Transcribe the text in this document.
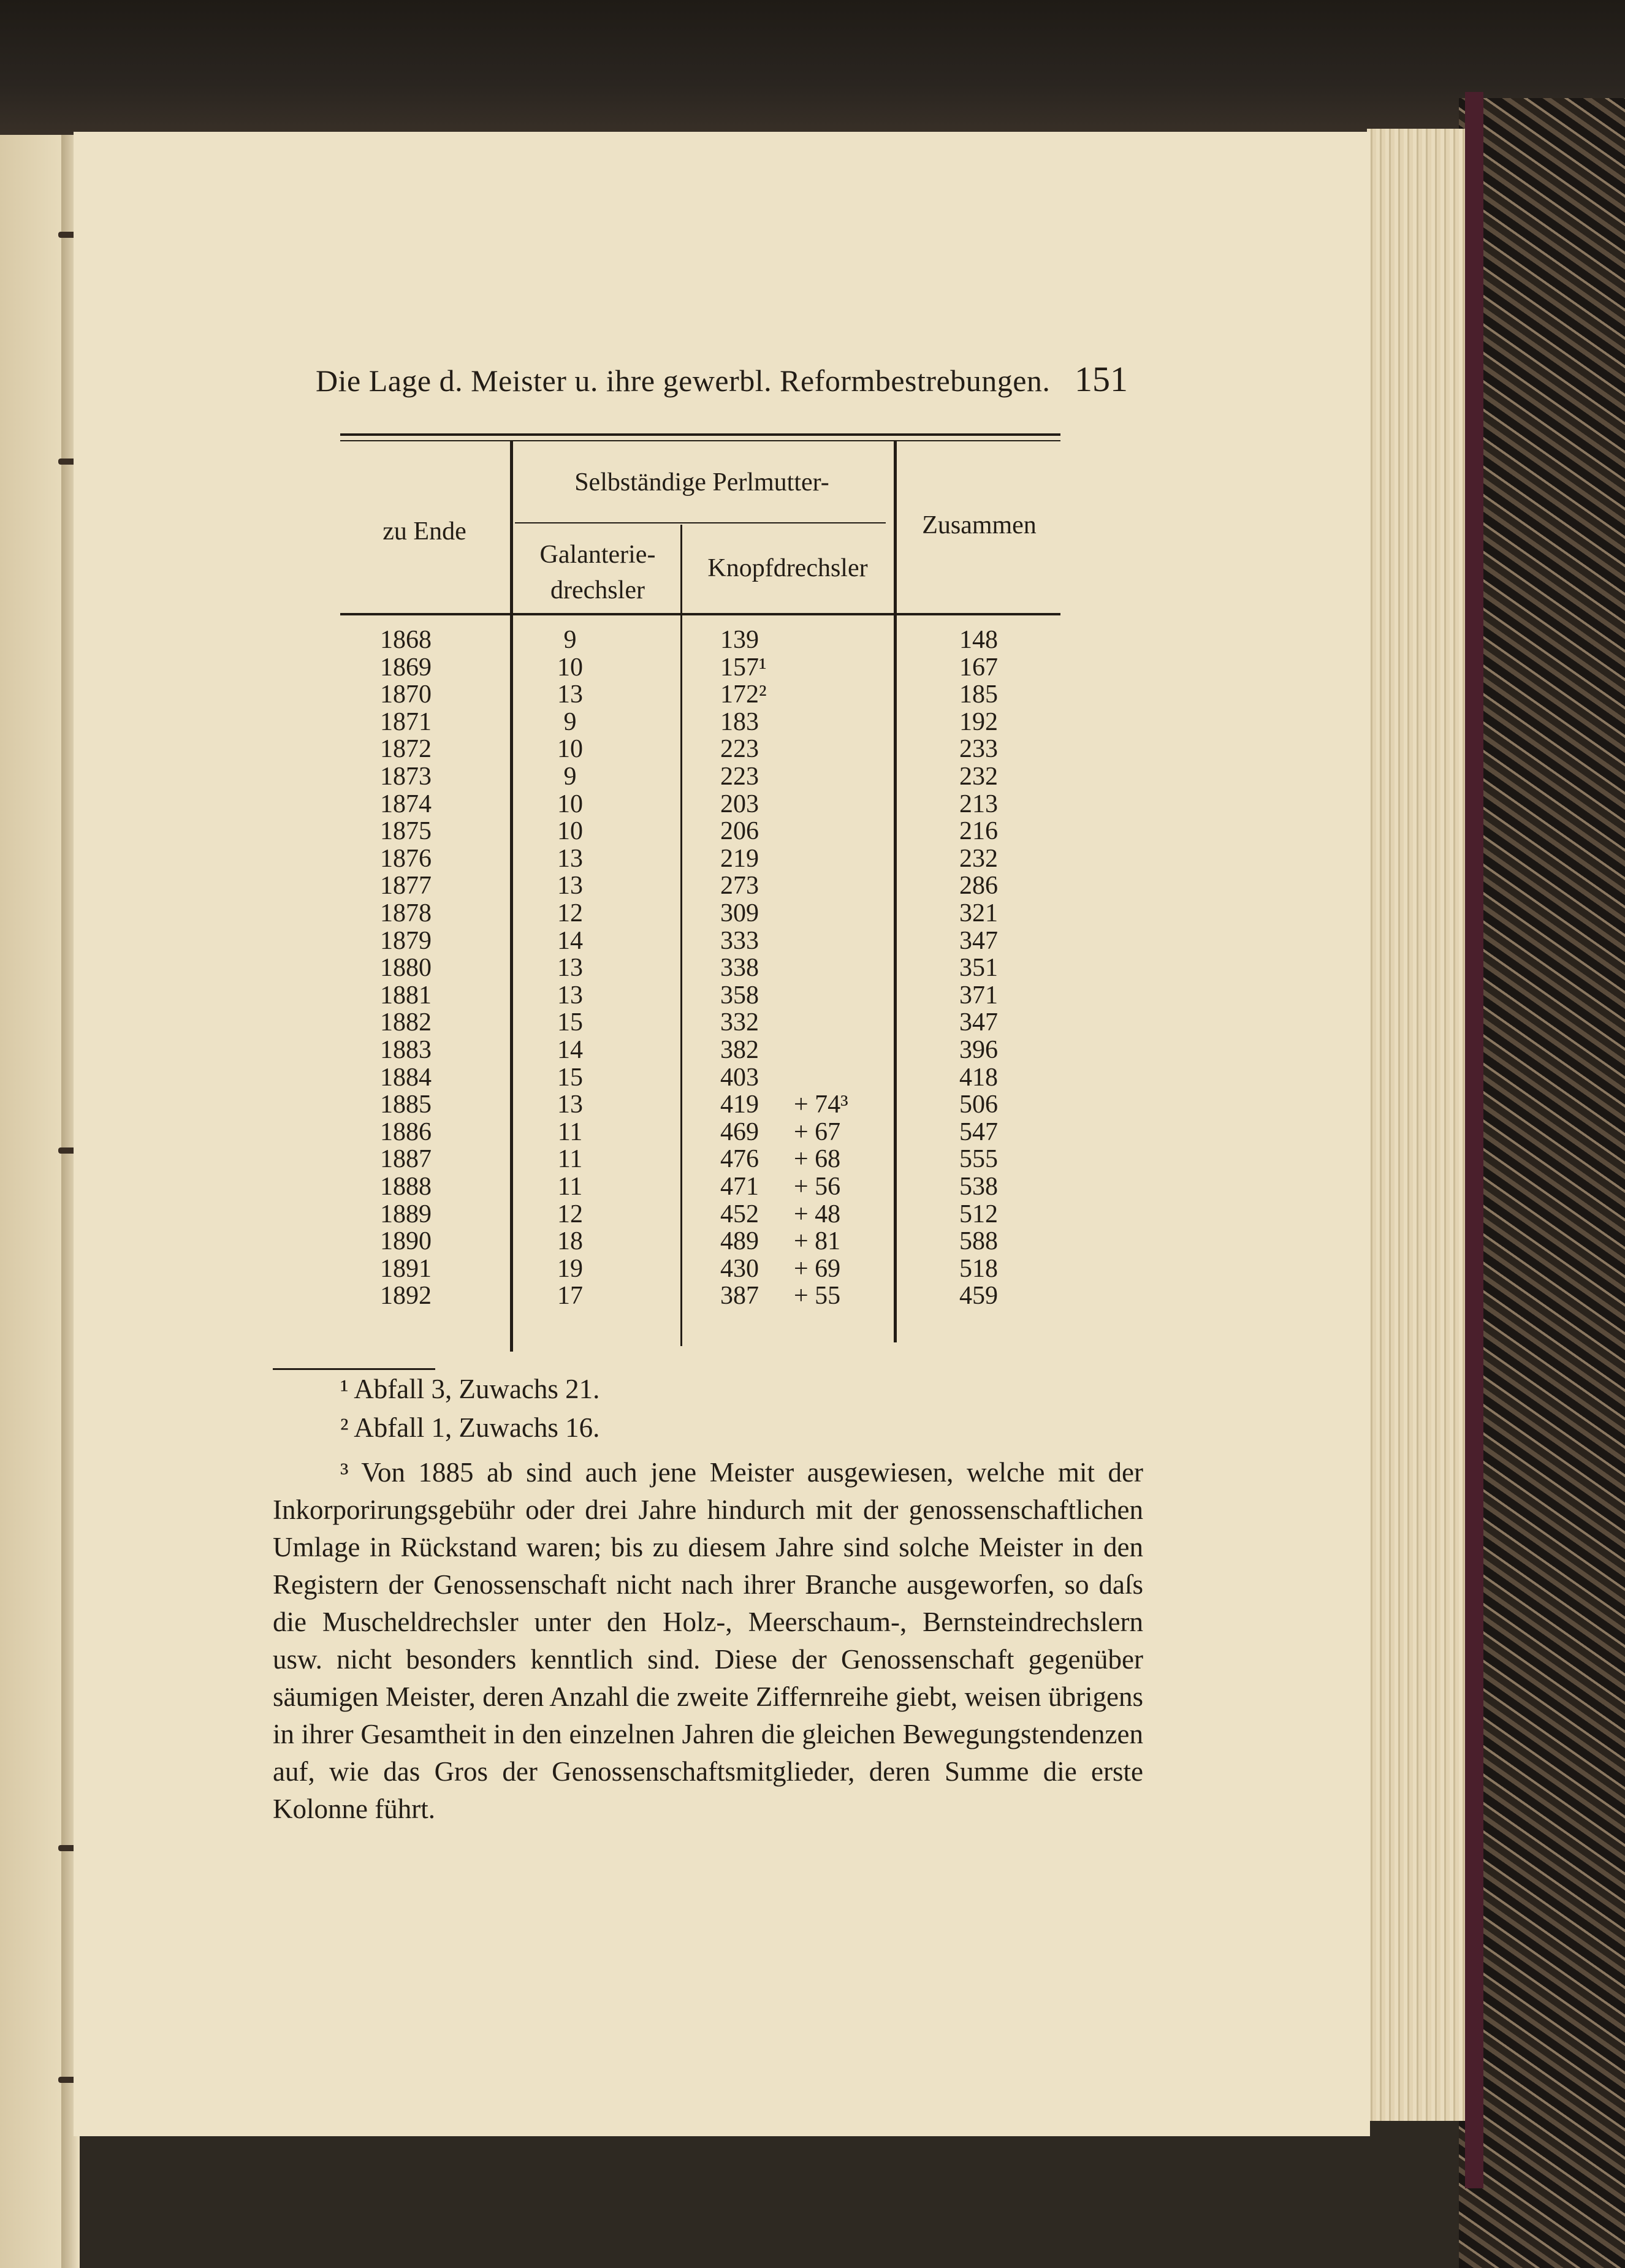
Die Lage d. Meister u. ihre gewerbl. Reformbestrebungen. 151
zu Ende
Selbständige Perlmutter-
Galanterie-
drechsler
Knopfdrechsler
Zusammen
1868	9	139	148
1869	10	157¹	167
1870	13	172²	185
1871	9	183	192
1872	10	223	233
1873	9	223	232
1874	10	203	213
1875	10	206	216
1876	13	219	232
1877	13	273	286
1878	12	309	321
1879	14	333	347
1880	13	338	351
1881	13	358	371
1882	15	332	347
1883	14	382	396
1884	15	403	418
1885	13	419 + 74³	506
1886	11	469 + 67	547
1887	11	476 + 68	555
1888	11	471 + 56	538
1889	12	452 + 48	512
1890	18	489 + 81	588
1891	19	430 + 69	518
1892	17	387 + 55	459
¹ Abfall 3, Zuwachs 21.
² Abfall 1, Zuwachs 16.
³ Von 1885 ab sind auch jene Meister ausgewiesen, welche mit der Inkorporirungsgebühr oder drei Jahre hindurch mit der genossenschaftlichen Umlage in Rückstand waren; bis zu diesem Jahre sind solche Meister in den Registern der Genossenschaft nicht nach ihrer Branche ausgeworfen, so daſs die Muscheldrechsler unter den Holz-, Meerschaum-, Bernsteindrechslern usw. nicht besonders kenntlich sind. Diese der Genossenschaft gegenüber säumigen Meister, deren Anzahl die zweite Ziffernreihe giebt, weisen übrigens in ihrer Gesamtheit in den einzelnen Jahren die gleichen Bewegungstendenzen auf, wie das Gros der Genossenschaftsmitglieder, deren Summe die erste Kolonne führt.
